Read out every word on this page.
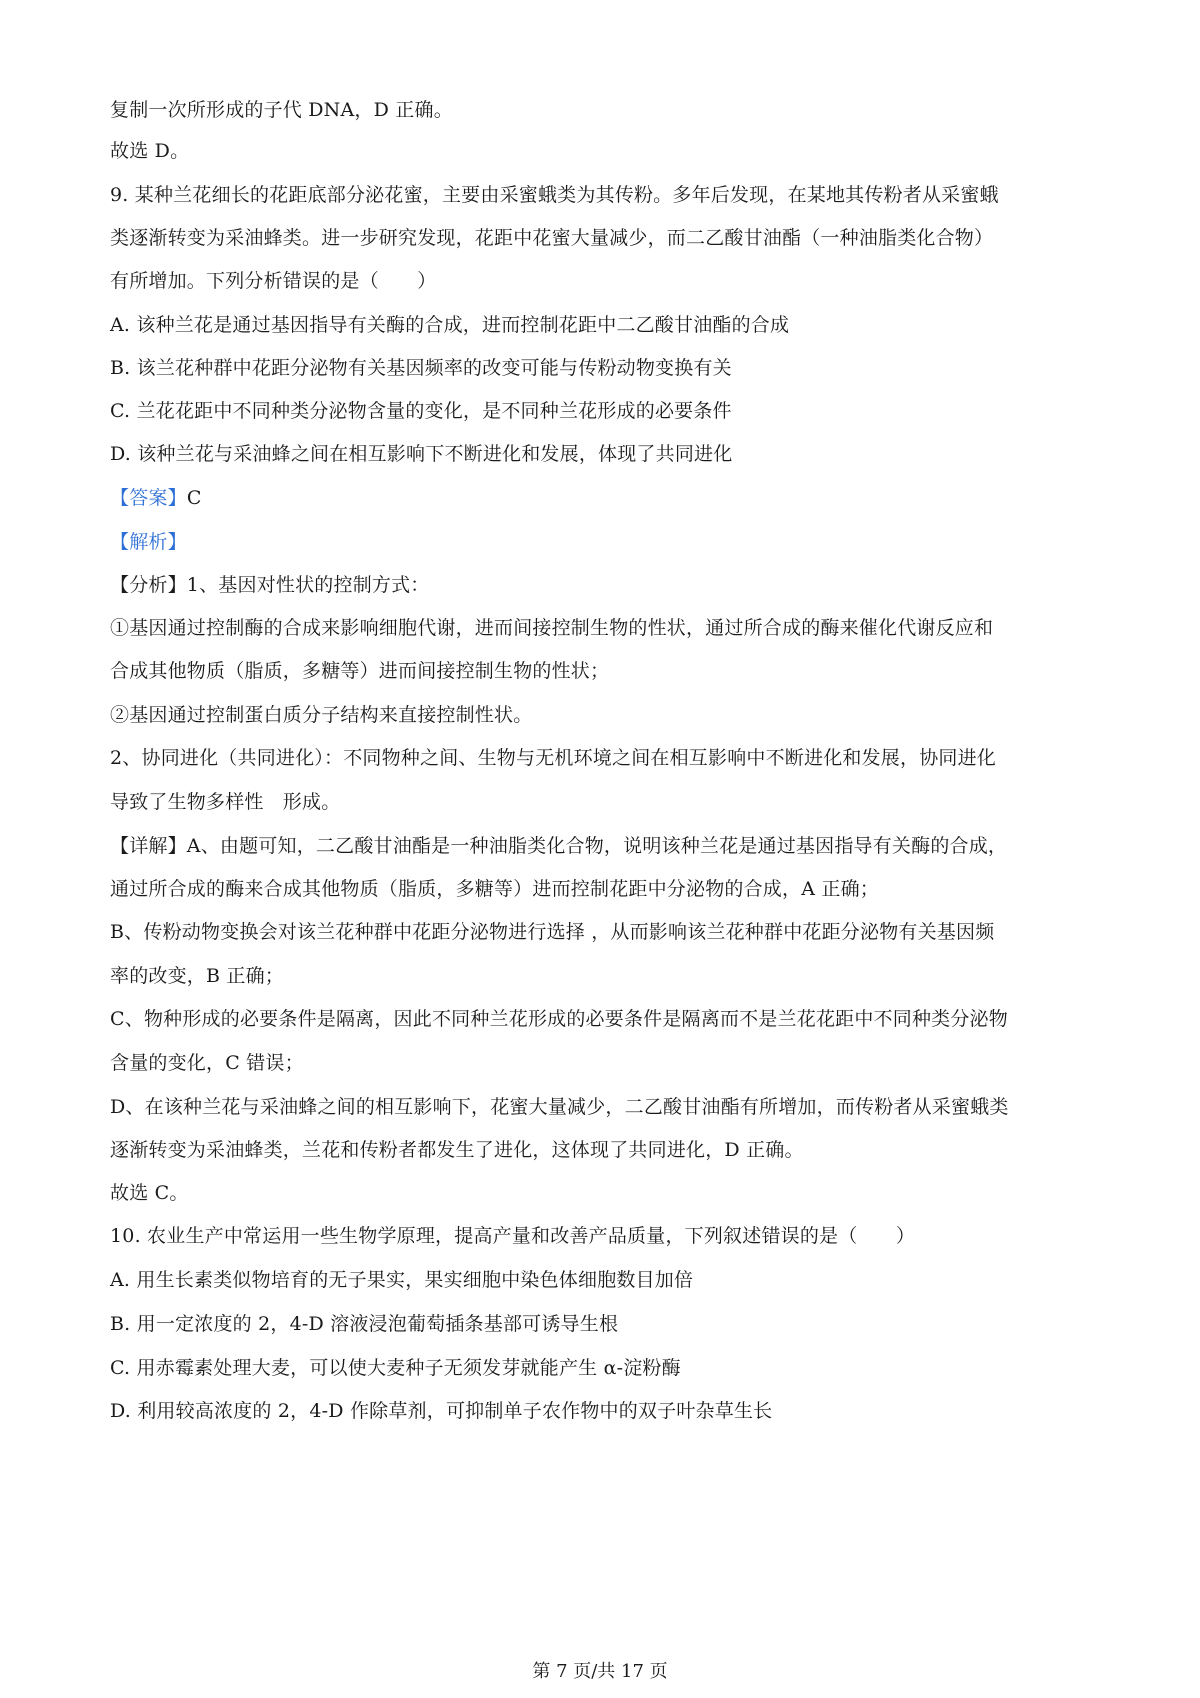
复制一次所形成的子代 DNA，D 正确。
故选 D。
9. 某种兰花细长的花距底部分泌花蜜，主要由采蜜蛾类为其传粉。多年后发现，在某地其传粉者从采蜜蛾
类逐渐转变为采油蜂类。进一步研究发现，花距中花蜜大量减少，而二乙酸甘油酯（一种油脂类化合物）
有所增加。下列分析错误的是（　　）
A. 该种兰花是通过基因指导有关酶的合成，进而控制花距中二乙酸甘油酯的合成
B. 该兰花种群中花距分泌物有关基因频率的改变可能与传粉动物变换有关
C. 兰花花距中不同种类分泌物含量的变化，是不同种兰花形成的必要条件
D. 该种兰花与采油蜂之间在相互影响下不断进化和发展，体现了共同进化
【答案】C
【解析】
【分析】1、基因对性状的控制方式：
①基因通过控制酶的合成来影响细胞代谢，进而间接控制生物的性状，通过所合成的酶来催化代谢反应和
合成其他物质（脂质，多糖等）进而间接控制生物的性状；
②基因通过控制蛋白质分子结构来直接控制性状。
2、协同进化（共同进化）：不同物种之间、生物与无机环境之间在相互影响中不断进化和发展，协同进化
导致了生物多样性　形成。
【详解】A、由题可知，二乙酸甘油酯是一种油脂类化合物，说明该种兰花是通过基因指导有关酶的合成，
通过所合成的酶来合成其他物质（脂质，多糖等）进而控制花距中分泌物的合成，A 正确；
B、传粉动物变换会对该兰花种群中花距分泌物进行选择 ，从而影响该兰花种群中花距分泌物有关基因频
率的改变，B 正确；
C、物种形成的必要条件是隔离，因此不同种兰花形成的必要条件是隔离而不是兰花花距中不同种类分泌物
含量的变化，C 错误；
D、在该种兰花与采油蜂之间的相互影响下，花蜜大量减少，二乙酸甘油酯有所增加，而传粉者从采蜜蛾类
逐渐转变为采油蜂类，兰花和传粉者都发生了进化，这体现了共同进化，D 正确。
故选 C。
10. 农业生产中常运用一些生物学原理，提高产量和改善产品质量，下列叙述错误的是（　　）
A. 用生长素类似物培育的无子果实，果实细胞中染色体细胞数目加倍
B. 用一定浓度的 2，4-D 溶液浸泡葡萄插条基部可诱导生根
C. 用赤霉素处理大麦，可以使大麦种子无须发芽就能产生 α-淀粉酶
D. 利用较高浓度的 2，4-D 作除草剂，可抑制单子农作物中的双子叶杂草生长
第 7 页/共 17 页
